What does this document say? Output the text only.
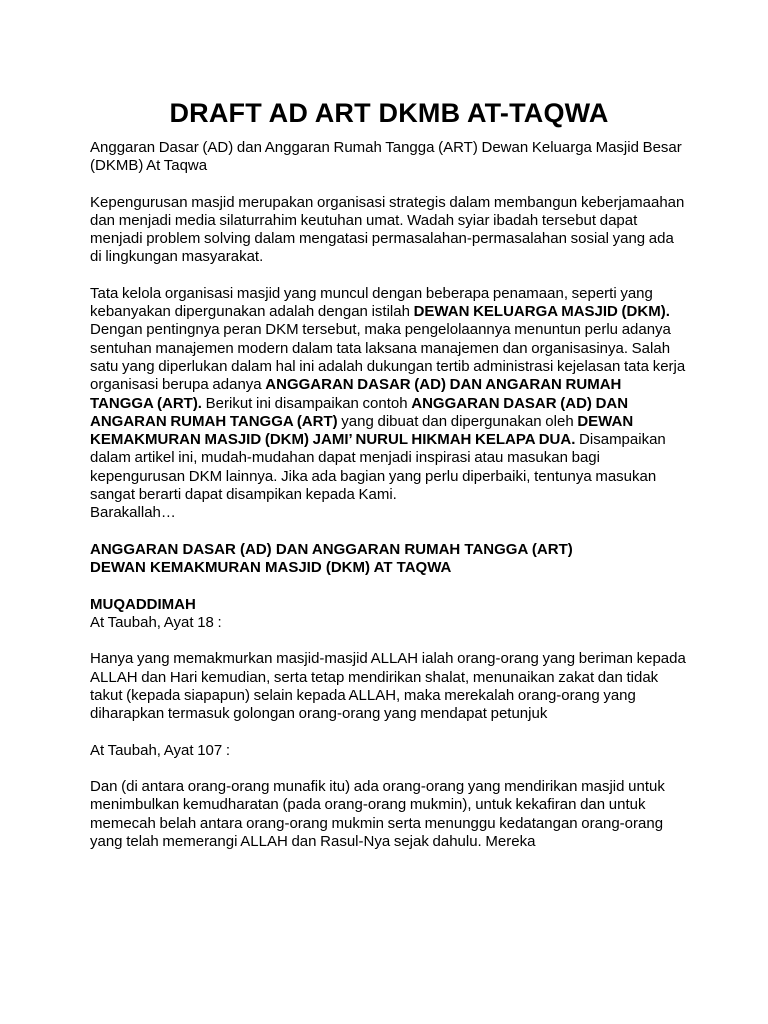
DRAFT AD ART DKMB AT-TAQWA

Anggaran Dasar (AD) dan Anggaran Rumah Tangga (ART) Dewan Keluarga Masjid Besar (DKMB) At Taqwa

Kepengurusan masjid merupakan organisasi strategis dalam membangun keberjamaahan dan menjadi media silaturrahim keutuhan umat. Wadah syiar ibadah tersebut dapat menjadi problem solving dalam mengatasi permasalahan-permasalahan sosial yang ada di lingkungan masyarakat.

Tata kelola organisasi masjid yang muncul dengan beberapa penamaan, seperti yang kebanyakan dipergunakan adalah dengan istilah DEWAN KELUARGA MASJID (DKM). Dengan pentingnya peran DKM tersebut, maka pengelolaannya menuntun perlu adanya sentuhan manajemen modern dalam tata laksana manajemen dan organisasinya. Salah satu yang diperlukan dalam hal ini adalah dukungan tertib administrasi kejelasan tata kerja organisasi berupa adanya ANGGARAN DASAR (AD) DAN ANGARAN RUMAH TANGGA (ART). Berikut ini disampaikan contoh ANGGARAN DASAR (AD) DAN ANGARAN RUMAH TANGGA (ART) yang dibuat dan dipergunakan oleh DEWAN KEMAKMURAN MASJID (DKM) JAMI’ NURUL HIKMAH KELAPA DUA. Disampaikan dalam artikel ini, mudah-mudahan dapat menjadi inspirasi atau masukan bagi kepengurusan DKM lainnya. Jika ada bagian yang perlu diperbaiki, tentunya masukan sangat berarti dapat disampikan kepada Kami.

Barakallah…

ANGGARAN DASAR (AD) DAN ANGGARAN RUMAH TANGGA (ART)
DEWAN KEMAKMURAN MASJID (DKM) AT TAQWA

MUQADDIMAH

At Taubah, Ayat 18 :

Hanya yang memakmurkan masjid-masjid ALLAH ialah orang-orang yang beriman kepada ALLAH dan Hari kemudian, serta tetap mendirikan shalat, menunaikan zakat dan tidak takut (kepada siapapun) selain kepada ALLAH, maka merekalah orang-orang yang diharapkan termasuk golongan orang-orang yang mendapat petunjuk

At Taubah, Ayat 107 :

Dan (di antara orang-orang munafik itu) ada orang-orang yang mendirikan masjid untuk menimbulkan kemudharatan (pada orang-orang mukmin), untuk kekafiran dan untuk memecah belah antara orang-orang mukmin serta menunggu kedatangan orang-orang yang telah memerangi ALLAH dan Rasul-Nya sejak dahulu. Mereka
